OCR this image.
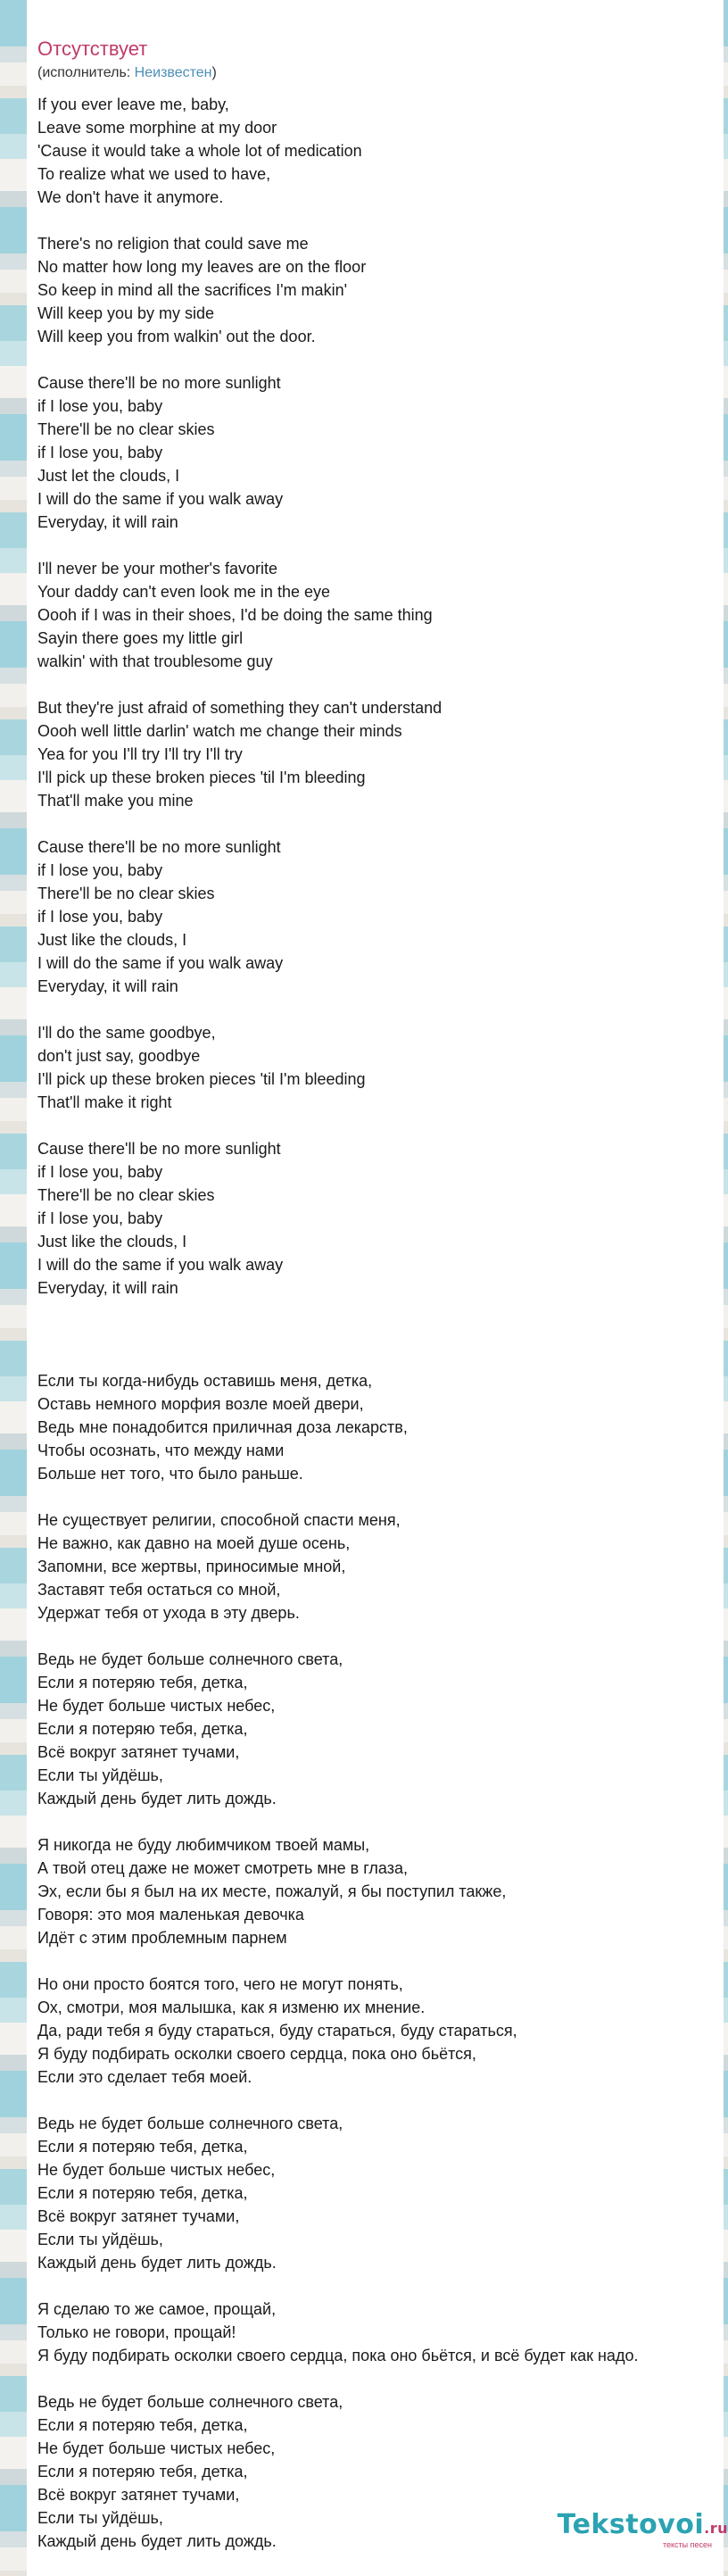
Отсутствует
(исполнитель: Неизвестен)
If you ever leave me, baby,
Leave some morphine at my door
'Cause it would take a whole lot of medication
To realize what we used to have,
We don't have it anymore.
There's no religion that could save me
No matter how long my leaves are on the floor
So keep in mind all the sacrifices I'm makin'
Will keep you by my side
Will keep you from walkin' out the door.
Cause there'll be no more sunlight
if I lose you, baby
There'll be no clear skies
if I lose you, baby
Just let the clouds, I
I will do the same if you walk away
Everyday, it will rain
I'll never be your mother's favorite
Your daddy can't even look me in the eye
Oooh if I was in their shoes, I'd be doing the same thing
Sayin there goes my little girl
walkin' with that troublesome guy
But they're just afraid of something they can't understand
Oooh well little darlin' watch me change their minds
Yea for you I'll try I'll try I'll try
I'll pick up these broken pieces 'til I'm bleeding
That'll make you mine
Cause there'll be no more sunlight
if I lose you, baby
There'll be no clear skies
if I lose you, baby
Just like the clouds, I
I will do the same if you walk away
Everyday, it will rain
I'll do the same goodbye,
don't just say, goodbye
I'll pick up these broken pieces 'til I'm bleeding
That'll make it right
Cause there'll be no more sunlight
if I lose you, baby
There'll be no clear skies
if I lose you, baby
Just like the clouds, I
I will do the same if you walk away
Everyday, it will rain
Если ты когда-нибудь оставишь меня, детка,
Оставь немного морфия возле моей двери,
Ведь мне понадобится приличная доза лекарств,
Чтобы осознать, что между нами
Больше нет того, что было раньше.
Не существует религии, способной спасти меня,
Не важно, как давно на моей душе осень,
Запомни, все жертвы, приносимые мной,
Заставят тебя остаться со мной,
Удержат тебя от ухода в эту дверь.
Ведь не будет больше солнечного света,
Если я потеряю тебя, детка,
Не будет больше чистых небес,
Если я потеряю тебя, детка,
Всё вокруг затянет тучами,
Если ты уйдёшь,
Каждый день будет лить дождь.
Я никогда не буду любимчиком твоей мамы,
А твой отец даже не может смотреть мне в глаза,
Эх, если бы я был на их месте, пожалуй, я бы поступил также,
Говоря: это моя маленькая девочка
Идёт с этим проблемным парнем
Но они просто боятся того, чего не могут понять,
Ох, смотри, моя малышка, как я изменю их мнение.
Да, ради тебя я буду стараться, буду стараться, буду стараться,
Я буду подбирать осколки своего сердца, пока оно бьётся,
Если это сделает тебя моей.
Ведь не будет больше солнечного света,
Если я потеряю тебя, детка,
Не будет больше чистых небес,
Если я потеряю тебя, детка,
Всё вокруг затянет тучами,
Если ты уйдёшь,
Каждый день будет лить дождь.
Я сделаю то же самое, прощай,
Только не говори, прощай!
Я буду подбирать осколки своего сердца, пока оно бьётся, и всё будет как надо.
Ведь не будет больше солнечного света,
Если я потеряю тебя, детка,
Не будет больше чистых небес,
Если я потеряю тебя, детка,
Всё вокруг затянет тучами,
Если ты уйдёшь,
Каждый день будет лить дождь.
Tekstovoi.ru
тексты песен
